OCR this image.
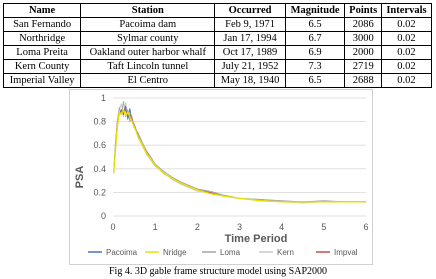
Name	Station	Occurred	Magnitude	Points	Intervals
San Fernando	Pacoima dam	Feb 9, 1971	6.5	2086	0.02
Northridge	Sylmar county	Jan 17, 1994	6.7	3000	0.02
Loma Preita	Oakland outer harbor whalf	Oct 17, 1989	6.9	2000	0.02
Kern County	Taft Lincoln tunnel	July 21, 1952	7.3	2719	0.02
Imperial Valley	El Centro	May 18, 1940	6.5	2688	0.02
0
0.2
0.4
0.6
0.8
1
0	1	2	3	4	5	6
PSA
Time Period
Pacoima	Nridge	Loma	Kern	Impval
Fig 4. 3D gable frame structure model using SAP2000
